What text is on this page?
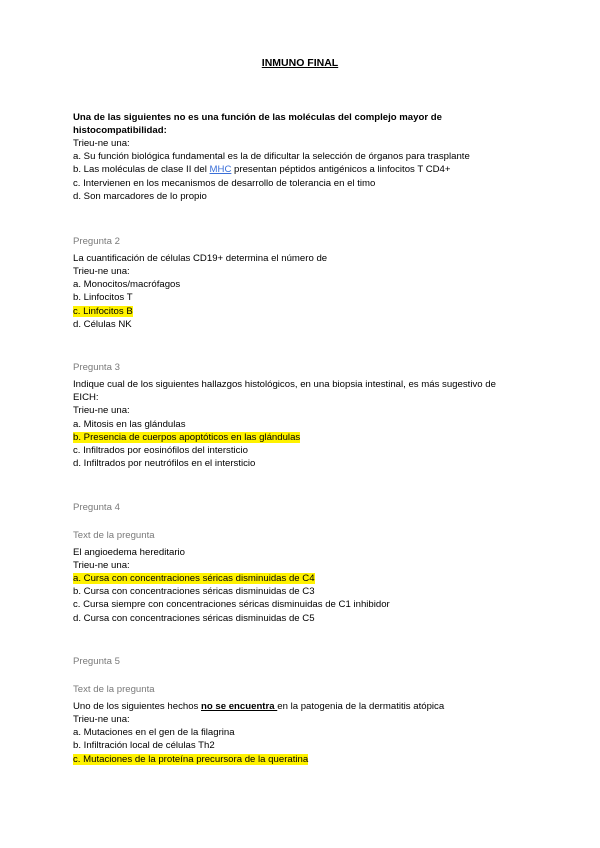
INMUNO FINAL
Una de las siguientes no es una función de las moléculas del complejo mayor de
histocompatibilidad:
Trieu-ne una:
a. Su función biológica fundamental es la de dificultar la selección de órganos para trasplante
b. Las moléculas de clase II del MHC presentan péptidos antigénicos a linfocitos T CD4+
c. Intervienen en los mecanismos de desarrollo de tolerancia en el timo
d. Son marcadores de lo propio
Pregunta 2
La cuantificación de células CD19+ determina el número de
Trieu-ne una:
a. Monocitos/macrófagos
b. Linfocitos T
c. Linfocitos B
d. Células NK
Pregunta 3
Indique cual de los siguientes hallazgos histológicos, en una biopsia intestinal, es más sugestivo de
EICH:
Trieu-ne una:
a. Mitosis en las glándulas
b. Presencia de cuerpos apoptóticos en las glándulas
c. Infiltrados por eosinófilos del intersticio
d. Infiltrados por neutrófilos en el intersticio
Pregunta 4
Text de la pregunta
El angioedema hereditario
Trieu-ne una:
a. Cursa con concentraciones séricas disminuidas de C4
b. Cursa con concentraciones séricas disminuidas de C3
c. Cursa siempre con concentraciones séricas disminuidas de C1 inhibidor
d. Cursa con concentraciones séricas disminuidas de C5
Pregunta 5
Text de la pregunta
Uno de los siguientes hechos no se encuentra en la patogenia de la dermatitis atópica
Trieu-ne una:
a. Mutaciones en el gen de la filagrina
b. Infiltración local de células Th2
c. Mutaciones de la proteína precursora de la queratina
